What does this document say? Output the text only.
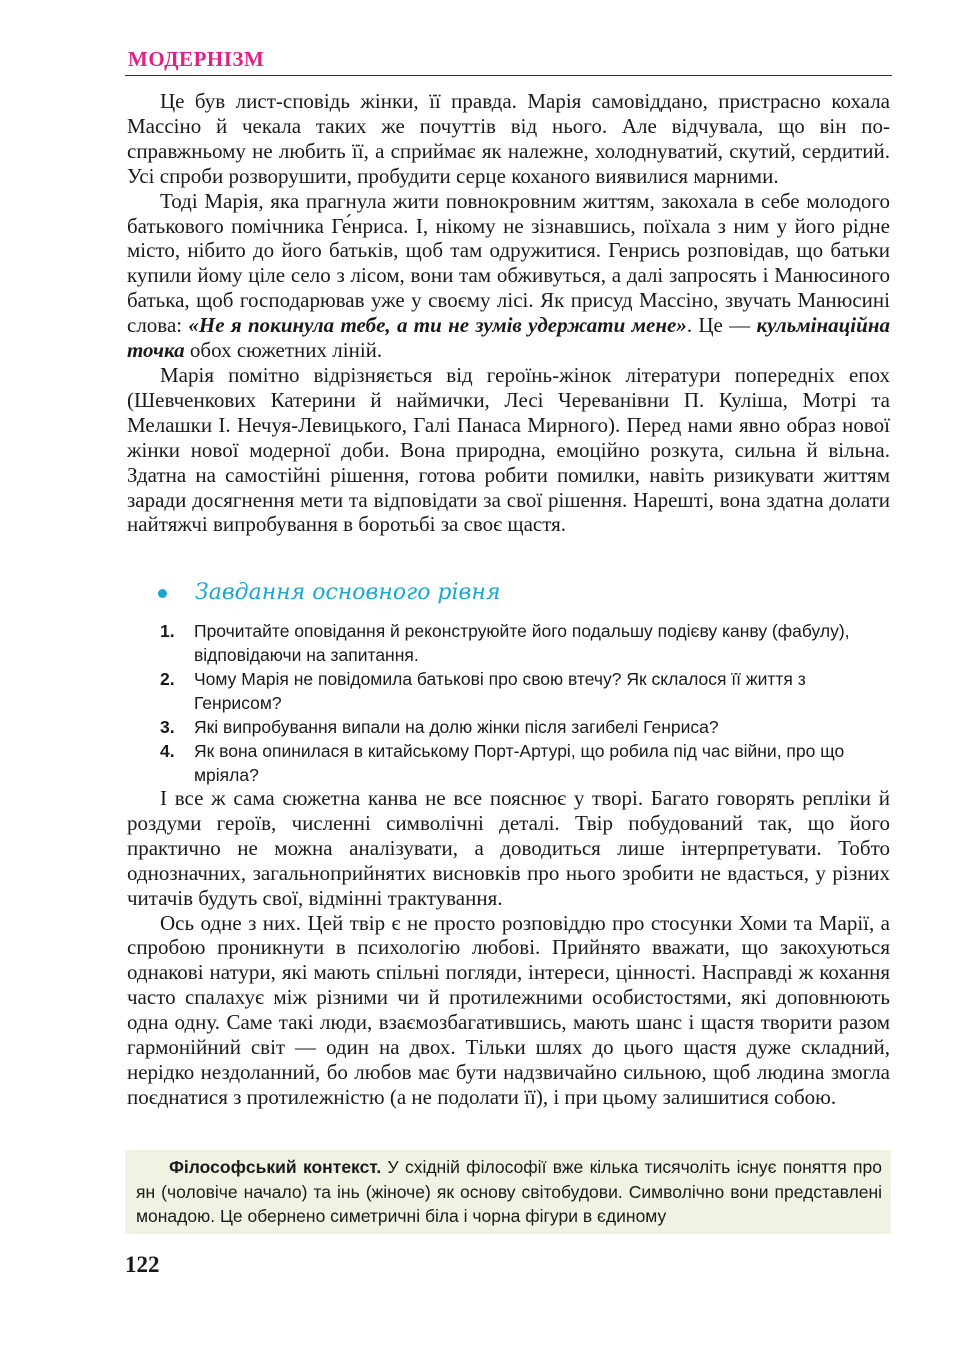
МОДЕРНІЗМ

Це був лист-сповідь жінки, її правда. Марія самовіддано, пристрасно кохала Массіно й чекала таких же почуттів від нього. Але відчувала, що він по-справжньому не любить її, а сприймає як належне, холоднуватий, скутий, сердитий. Усі спроби розворушити, пробудити серце коханого виявилися марними.

Тоді Марія, яка прагнула жити повнокровним життям, закохала в себе молодого батькового помічника Ге́нриса. І, нікому не зізнавшись, поїхала з ним у його рідне місто, нібито до його батьків, щоб там одружитися. Генрись розповідав, що батьки купили йому ціле село з лісом, вони там обживуться, а далі запросять і Манюсиного батька, щоб господарював уже у своєму лісі. Як присуд Массіно, звучать Манюсині слова: «Не я покинула тебе, а ти не зумів удержати мене». Це — кульмінаційна точка обох сюжетних ліній.

Марія помітно відрізняється від героїнь-жінок літератури попередніх епох (Шевченкових Катерини й наймички, Лесі Череванівни П. Куліша, Мотрі та Мелашки І. Нечуя-Левицького, Галі Панаса Мирного). Перед нами явно образ нової жінки нової модерної доби. Вона природна, емоційно розкута, сильна й вільна. Здатна на самостійні рішення, готова робити помилки, навіть ризикувати життям заради досягнення мети та відповідати за свої рішення. Нарешті, вона здатна долати найтяжчі випробування в боротьбі за своє щастя.

Завдання основного рівня
1. Прочитайте оповідання й реконструюйте його подальшу подієву канву (фабулу), відповідаючи на запитання.
2. Чому Марія не повідомила батькові про свою втечу? Як склалося її життя з Генрисом?
3. Які випробування випали на долю жінки після загибелі Генриса?
4. Як вона опинилася в китайському Порт-Артурі, що робила під час війни, про що мріяла?

І все ж сама сюжетна канва не все пояснює у творі. Багато говорять репліки й роздуми героїв, численні символічні деталі. Твір побудований так, що його практично не можна аналізувати, а доводиться лише інтерпретувати. Тобто однозначних, загальноприйнятих висновків про нього зробити не вдасться, у різних читачів будуть свої, відмінні трактування.

Ось одне з них. Цей твір є не просто розповіддю про стосунки Хоми та Марії, а спробою проникнути в психологію любові. Прийнято вважати, що закохуються однакові натури, які мають спільні погляди, інтереси, цінності. Насправді ж кохання часто спалахує між різними чи й протилежними особистостями, які доповнюють одна одну. Саме такі люди, взаємозбагатившись, мають шанс і щастя творити разом гармонійний світ — один на двох. Тільки шлях до цього щастя дуже складний, нерідко нездоланний, бо любов має бути надзвичайно сильною, щоб людина змогла поєднатися з протилежністю (а не подолати її), і при цьому залишитися собою.

Філософський контекст. У східній філософії вже кілька тисячоліть існує поняття про ян (чоловіче начало) та інь (жіноче) як основу світобудови. Символічно вони представлені монадою. Це обернено симетричні біла і чорна фігури в єдиному
122
